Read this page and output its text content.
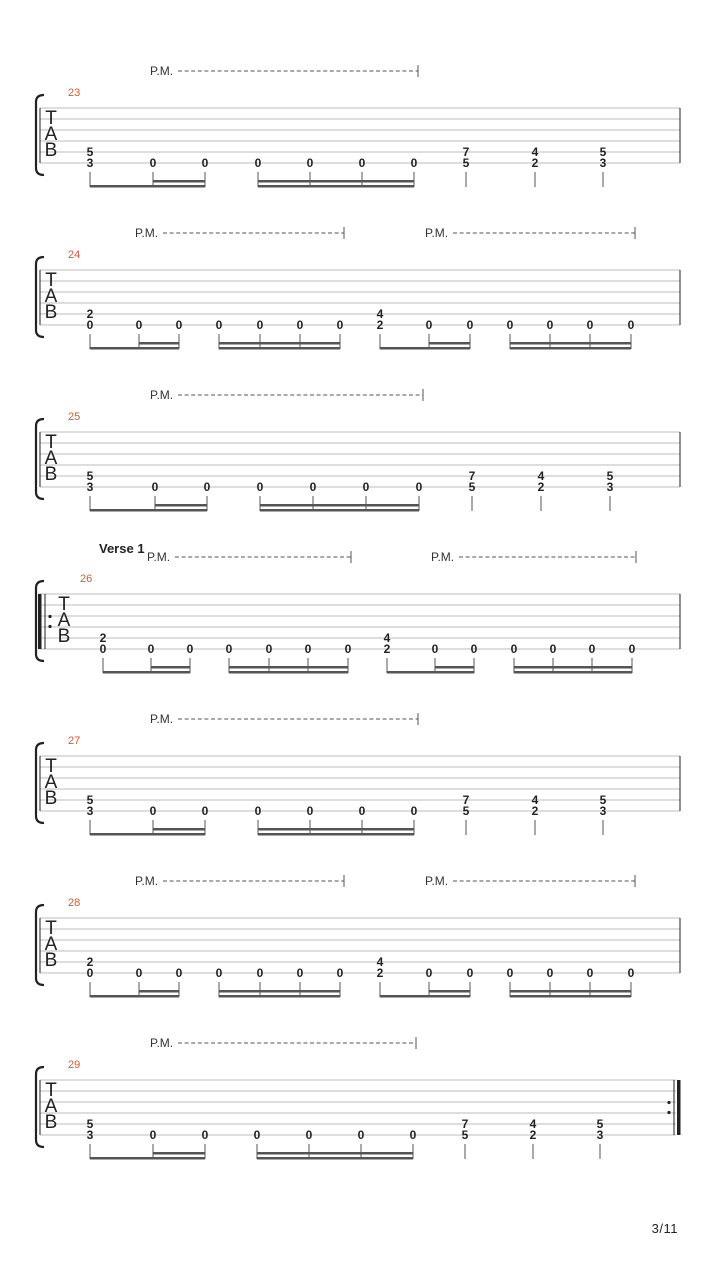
T
A
B
23
P.M.
5
3	0	0	0	0	0	0
7
5
4
2
5
3
T
A
B
24
P.M.	P.M.
2
0	0	0	0	0	0	0
4
2	0	0	0	0	0	0
T
A
B
25
P.M.
5
3	0	0	0	0	0	0
7
5
4
2
5
3
T
A
B
26
Verse 1
P.M.	P.M.
2
0	0	0	0	0	0	0
4
2	0	0	0	0	0	0
T
A
B
27
P.M.
5
3	0	0	0	0	0	0
7
5
4
2
5
3
T
A
B
28
P.M.	P.M.
2
0	0	0	0	0	0	0
4
2	0	0	0	0	0	0
T
A
B
29
P.M.
5
3	0	0	0	0	0	0
7
5
4
2
5
3
3/11
